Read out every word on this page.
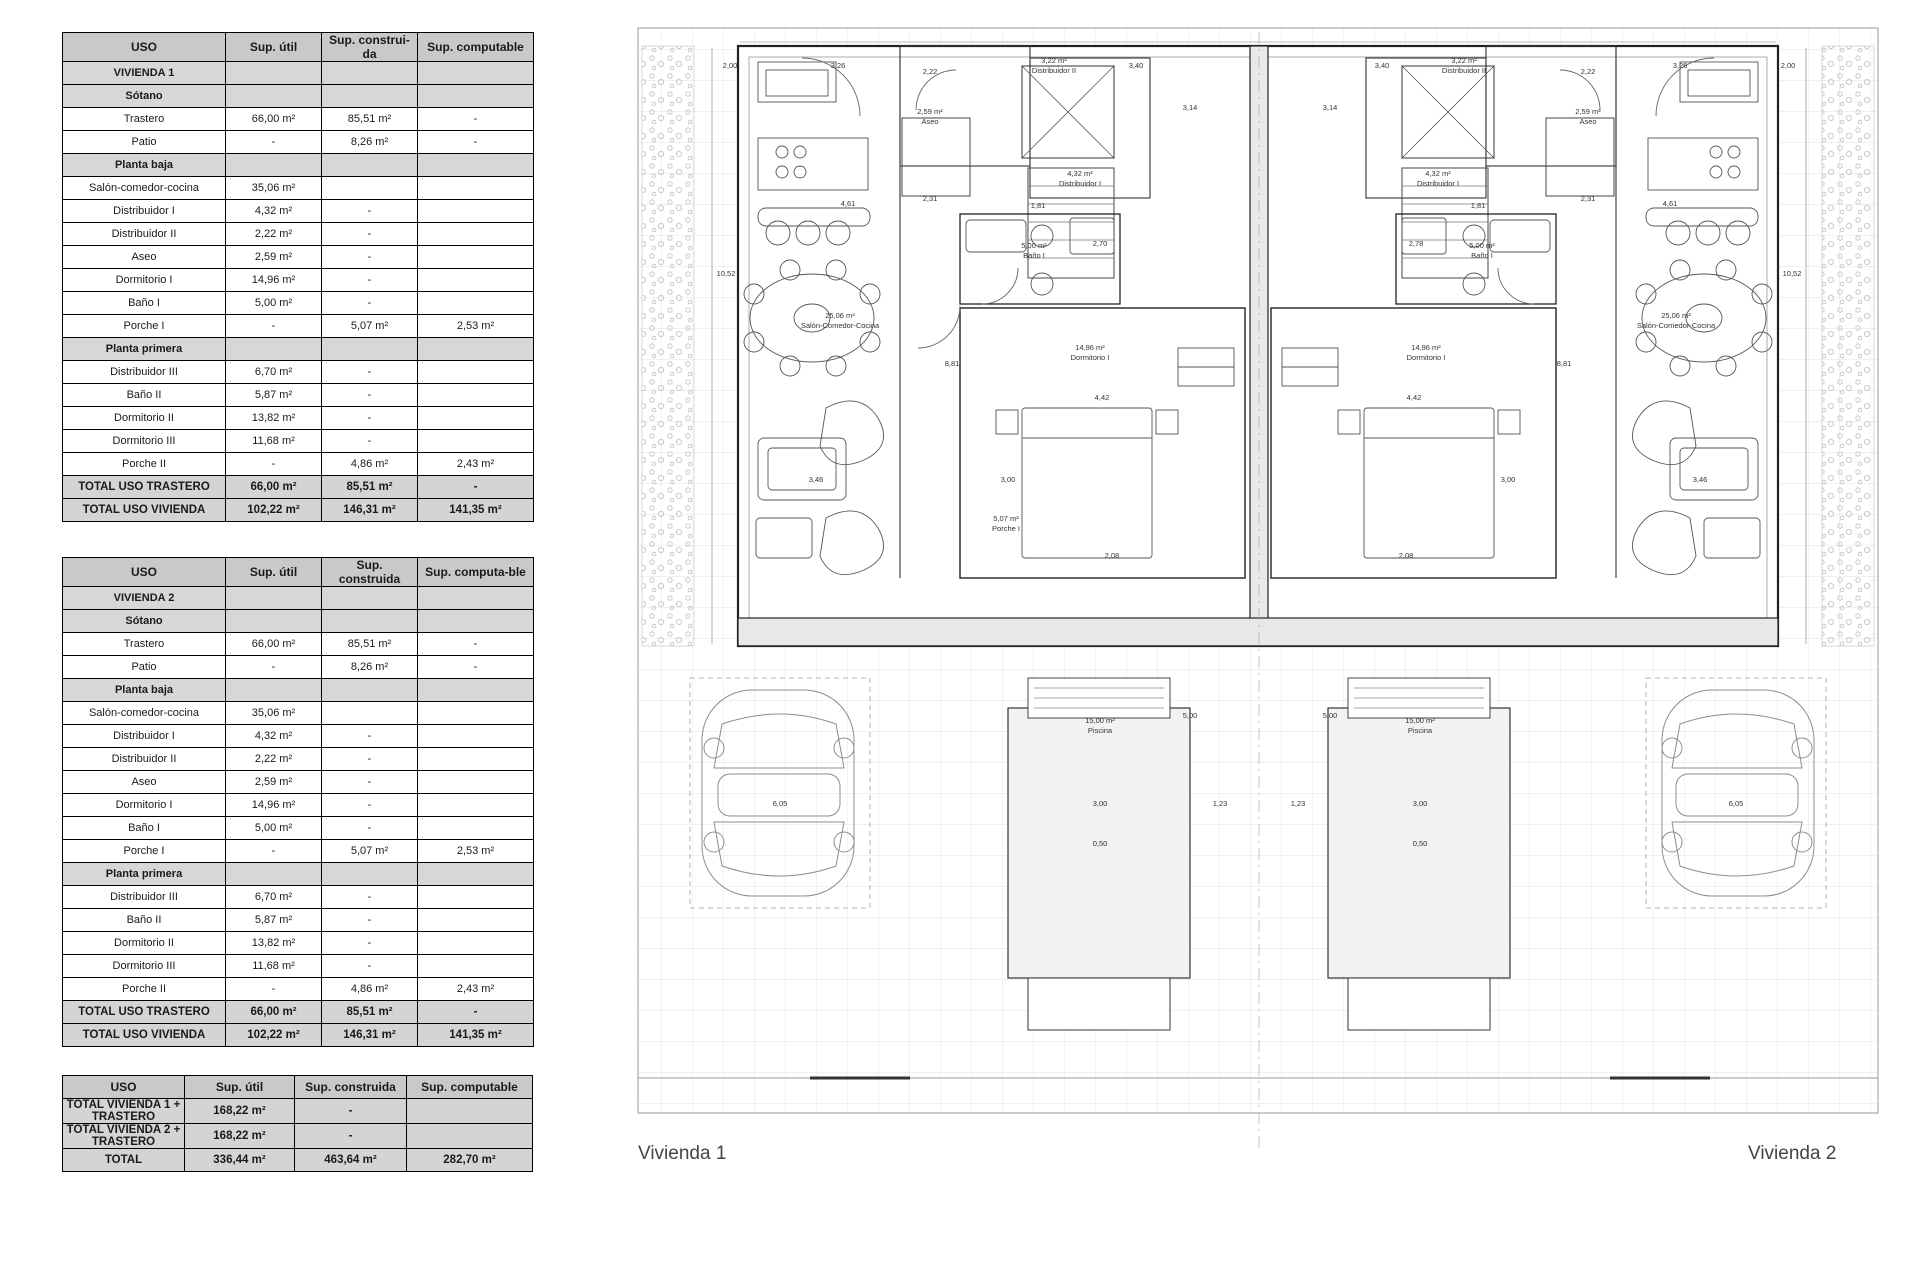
USO	Sup. útil	Sup. construi-da	Sup. computable
VIVIENDA 1			
Sótano			
Trastero	66,00 m²	85,51 m²	-
Patio	-	8,26 m²	-
Planta baja			
Salón-comedor-cocina	35,06 m²		
Distribuidor I	4,32 m²	-	
Distribuidor II	2,22 m²	-	
Aseo	2,59 m²	-	
Dormitorio I	14,96 m²	-	
Baño I	5,00 m²	-	
Porche I	-	5,07 m²	2,53 m²
Planta primera			
Distribuidor III	6,70 m²	-	
Baño II	5,87 m²	-	
Dormitorio II	13,82 m²	-	
Dormitorio III	11,68 m²	-	
Porche II	-	4,86 m²	2,43 m²
TOTAL USO TRASTERO	66,00 m²	85,51 m²	-
TOTAL USO VIVIENDA	102,22 m²	146,31 m²	141,35 m²
USO	Sup. útil	Sup. construida	Sup. computa-ble
VIVIENDA 2			
Sótano			
Trastero	66,00 m²	85,51 m²	-
Patio	-	8,26 m²	-
Planta baja			
Salón-comedor-cocina	35,06 m²		
Distribuidor I	4,32 m²	-	
Distribuidor II	2,22 m²	-	
Aseo	2,59 m²	-	
Dormitorio I	14,96 m²	-	
Baño I	5,00 m²	-	
Porche I	-	5,07 m²	2,53 m²
Planta primera			
Distribuidor III	6,70 m²	-	
Baño II	5,87 m²	-	
Dormitorio II	13,82 m²	-	
Dormitorio III	11,68 m²	-	
Porche II	-	4,86 m²	2,43 m²
TOTAL USO TRASTERO	66,00 m²	85,51 m²	-
TOTAL USO VIVIENDA	102,22 m²	146,31 m²	141,35 m²
USO	Sup. útil	Sup. construida	Sup. computable
TOTAL VIVIENDA 1 + TRASTERO	168,22 m²	-	
TOTAL VIVIENDA 2 + TRASTERO	168,22 m²	-	
TOTAL	336,44 m²	463,64 m²	282,70 m²
2,00	2,00
3,26	3,26
2,22	2,22
3,22 m²
Distribuidor II
3,22 m²
Distribuidor II
3,40	3,40
2,59 m²
Aseo
2,59 m²
Aseo
3,14	3,14
4,32 m²
Distribuidor I
4,32 m²
Distribuidor I
4,61	4,61
2,31	2,31
1,81	1,81
10,52	10,52
5,00 m²
Baño I
5,00 m²
Baño I
2,70	2,78
25,06 m²
Salón-Comedor-Cocina
25,06 m²
Salón-Comedor-Cocina
14,96 m²
Dormitorio I
14,96 m²
Dormitorio I
8,81	8,81
4,42	4,42
3,46	3,46
3,00	3,00
5,07 m²
Porche I
2,08	2,08
5,00	5,00
15,00 m²
Piscina
15,00 m²
Piscina
3,00	3,00
1,23	1,23
6,05	6,05
0,50	0,50
Vivienda 1	Vivienda 2
